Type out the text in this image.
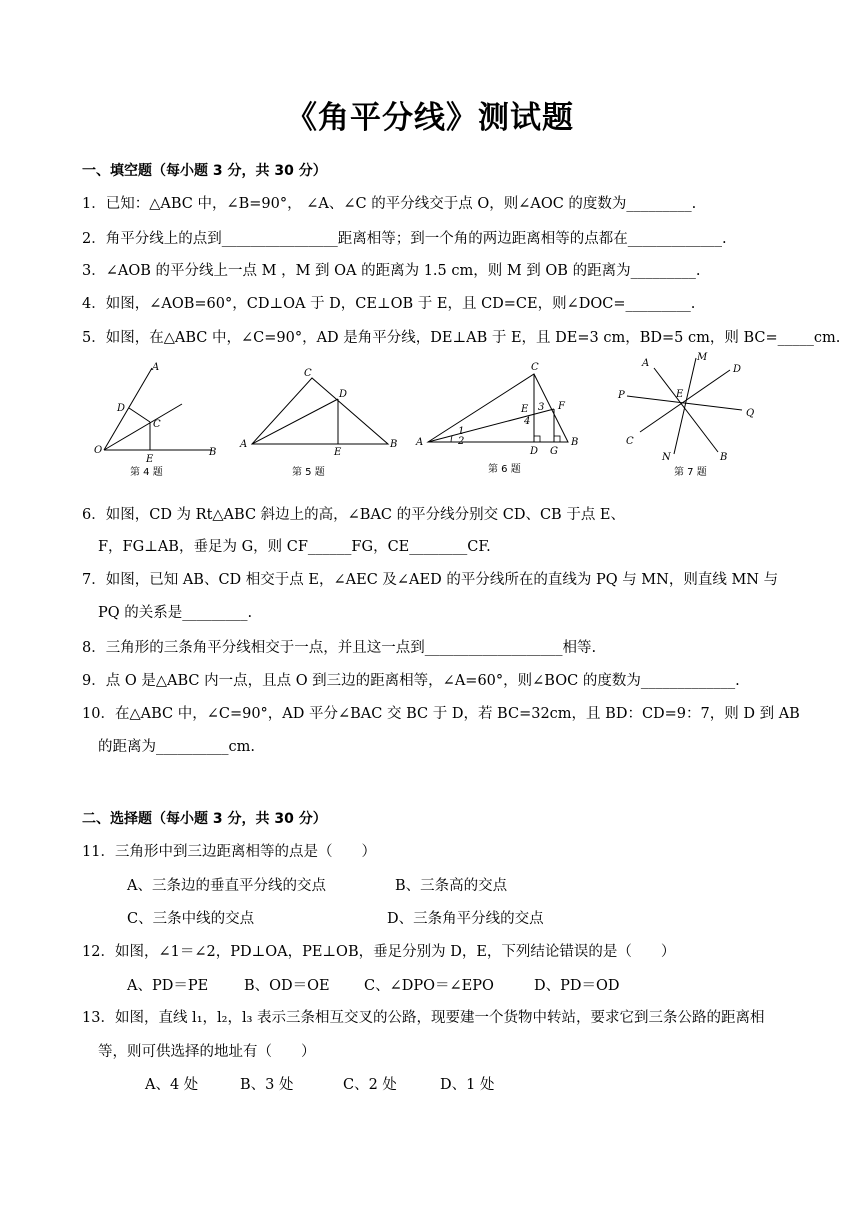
《角平分线》测试题
一、填空题（每小题 3 分，共 30 分）
1．已知：△ABC 中，∠B=90°， ∠A、∠C 的平分线交于点 O，则∠AOC 的度数为_________.
2．角平分线上的点到________________距离相等；到一个角的两边距离相等的点都在_____________.
3．∠AOB 的平分线上一点 M ，M 到 OA 的距离为 1.5 cm，则 M 到 OB 的距离为_________.
4．如图，∠AOB=60°，CD⊥OA 于 D，CE⊥OB 于 E，且 CD=CE，则∠DOC=_________.
5．如图，在△ABC 中，∠C=90°，AD 是角平分线，DE⊥AB 于 E，且 DE=3 cm，BD=5 cm，则 BC=_____cm.
A
D
C
O
E
B
第 4 题
C
D
A
E
B
第 5 题
C
E	F
3
4
1
2
A
D G
B
第 6 题
A
M
D
P	E
Q
C
N	B
第 7 题
6．如图，CD 为 Rt△ABC 斜边上的高，∠BAC 的平分线分别交 CD、CB 于点 E、
F，FG⊥AB，垂足为 G，则 CF______FG，CE________CF.
7．如图，已知 AB、CD 相交于点 E，∠AEC 及∠AED 的平分线所在的直线为 PQ 与 MN，则直线 MN 与
PQ 的关系是_________.
8．三角形的三条角平分线相交于一点，并且这一点到___________________相等.
9．点 O 是△ABC 内一点，且点 O 到三边的距离相等，∠A=60°，则∠BOC 的度数为_____________.
10．在△ABC 中，∠C=90°，AD 平分∠BAC 交 BC 于 D，若 BC=32cm，且 BD：CD=9：7，则 D 到 AB
的距离为__________cm.
二、选择题（每小题 3 分，共 30 分）
11．三角形中到三边距离相等的点是（　　）
A、三条边的垂直平分线的交点	B、三条高的交点
C、三条中线的交点	D、三条角平分线的交点
12．如图，∠1＝∠2，PD⊥OA，PE⊥OB，垂足分别为 D，E，下列结论错误的是（　　）
A、PD＝PE B、OD＝OE C、∠DPO＝∠EPO	D、PD＝OD
13．如图，直线 l₁，l₂，l₃ 表示三条相互交叉的公路，现要建一个货物中转站，要求它到三条公路的距离相
等，则可供选择的地址有（　　）
A、4 处	B、3 处	C、2 处	D、1 处
